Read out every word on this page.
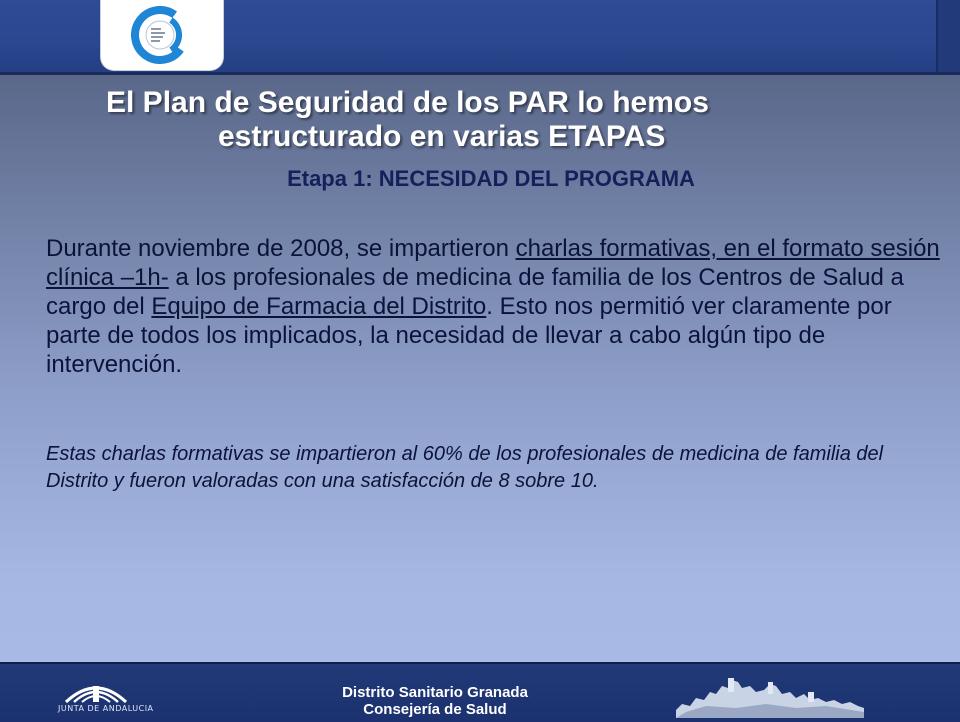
El Plan de Seguridad de los PAR lo hemos
estructurado en varias ETAPAS
Etapa 1: NECESIDAD DEL PROGRAMA

Durante noviembre de 2008, se impartieron charlas formativas, en el formato sesión clínica –1h- a los profesionales de medicina de familia de los Centros de Salud a cargo del Equipo de Farmacia del Distrito. Esto nos permitió ver claramente por parte de todos los implicados, la necesidad de llevar a cabo algún tipo de intervención.

Estas charlas formativas se impartieron al 60% de los profesionales de medicina de familia del Distrito y fueron valoradas con una satisfacción de 8 sobre 10.

JUNTA DE ANDALUCIA
Distrito Sanitario Granada
Consejería de Salud
